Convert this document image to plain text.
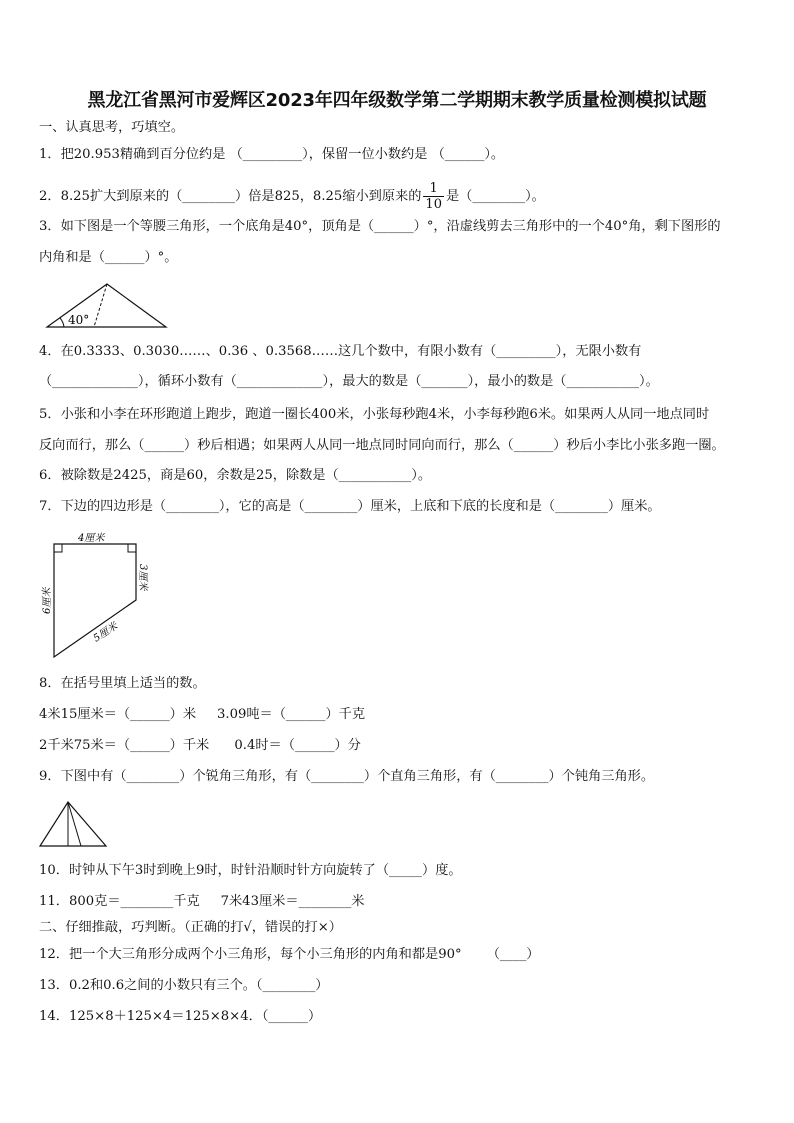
黑龙江省黑河市爱辉区2023年四年级数学第二学期期末教学质量检测模拟试题
一、认真思考，巧填空。
1．把20.953精确到百分位约是 （_________），保留一位小数约是 （______）。
2．8.25扩大到原来的（________）倍是825，8.25缩小到原来的 $\frac{1}{10}$ 是（________）。
3．如下图是一个等腰三角形，一个底角是40°，顶角是（______）°，沿虚线剪去三角形中的一个40°角，剩下图形的
内角和是（______）°。
40°
4．在0.3333、0.3030……、0.36 、0.3568……这几个数中，有限小数有（_________），无限小数有
（_____________），循环小数有（_____________），最大的数是（_______），最小的数是（___________）。
5．小张和小李在环形跑道上跑步，跑道一圈长400米，小张每秒跑4米，小李每秒跑6米。如果两人从同一地点同时
反向而行，那么（______）秒后相遇；如果两人从同一地点同时同向而行，那么（______）秒后小李比小张多跑一圈。
6．被除数是2425，商是60，余数是25，除数是（___________）。
7．下边的四边形是（________），它的高是（________）厘米，上底和下底的长度和是（________）厘米。
4厘米
3厘米
6厘米
5厘米
8．在括号里填上适当的数。
4米15厘米＝（______）米     3.09吨＝（______）千克
2千米75米＝（______）千米      0.4时＝（______）分
9．下图中有（________）个锐角三角形，有（________）个直角三角形，有（________）个钝角三角形。
10．时钟从下午3时到晚上9时，时针沿顺时针方向旋转了（_____）度。
11．800克＝________千克     7米43厘米＝________米
二、仔细推敲，巧判断。（正确的打√，错误的打×）
12．把一个大三角形分成两个小三角形，每个小三角形的内角和都是90°      （____）
13．0.2和0.6之间的小数只有三个。（________）
14．125×8＋125×4＝125×8×4．（______）
